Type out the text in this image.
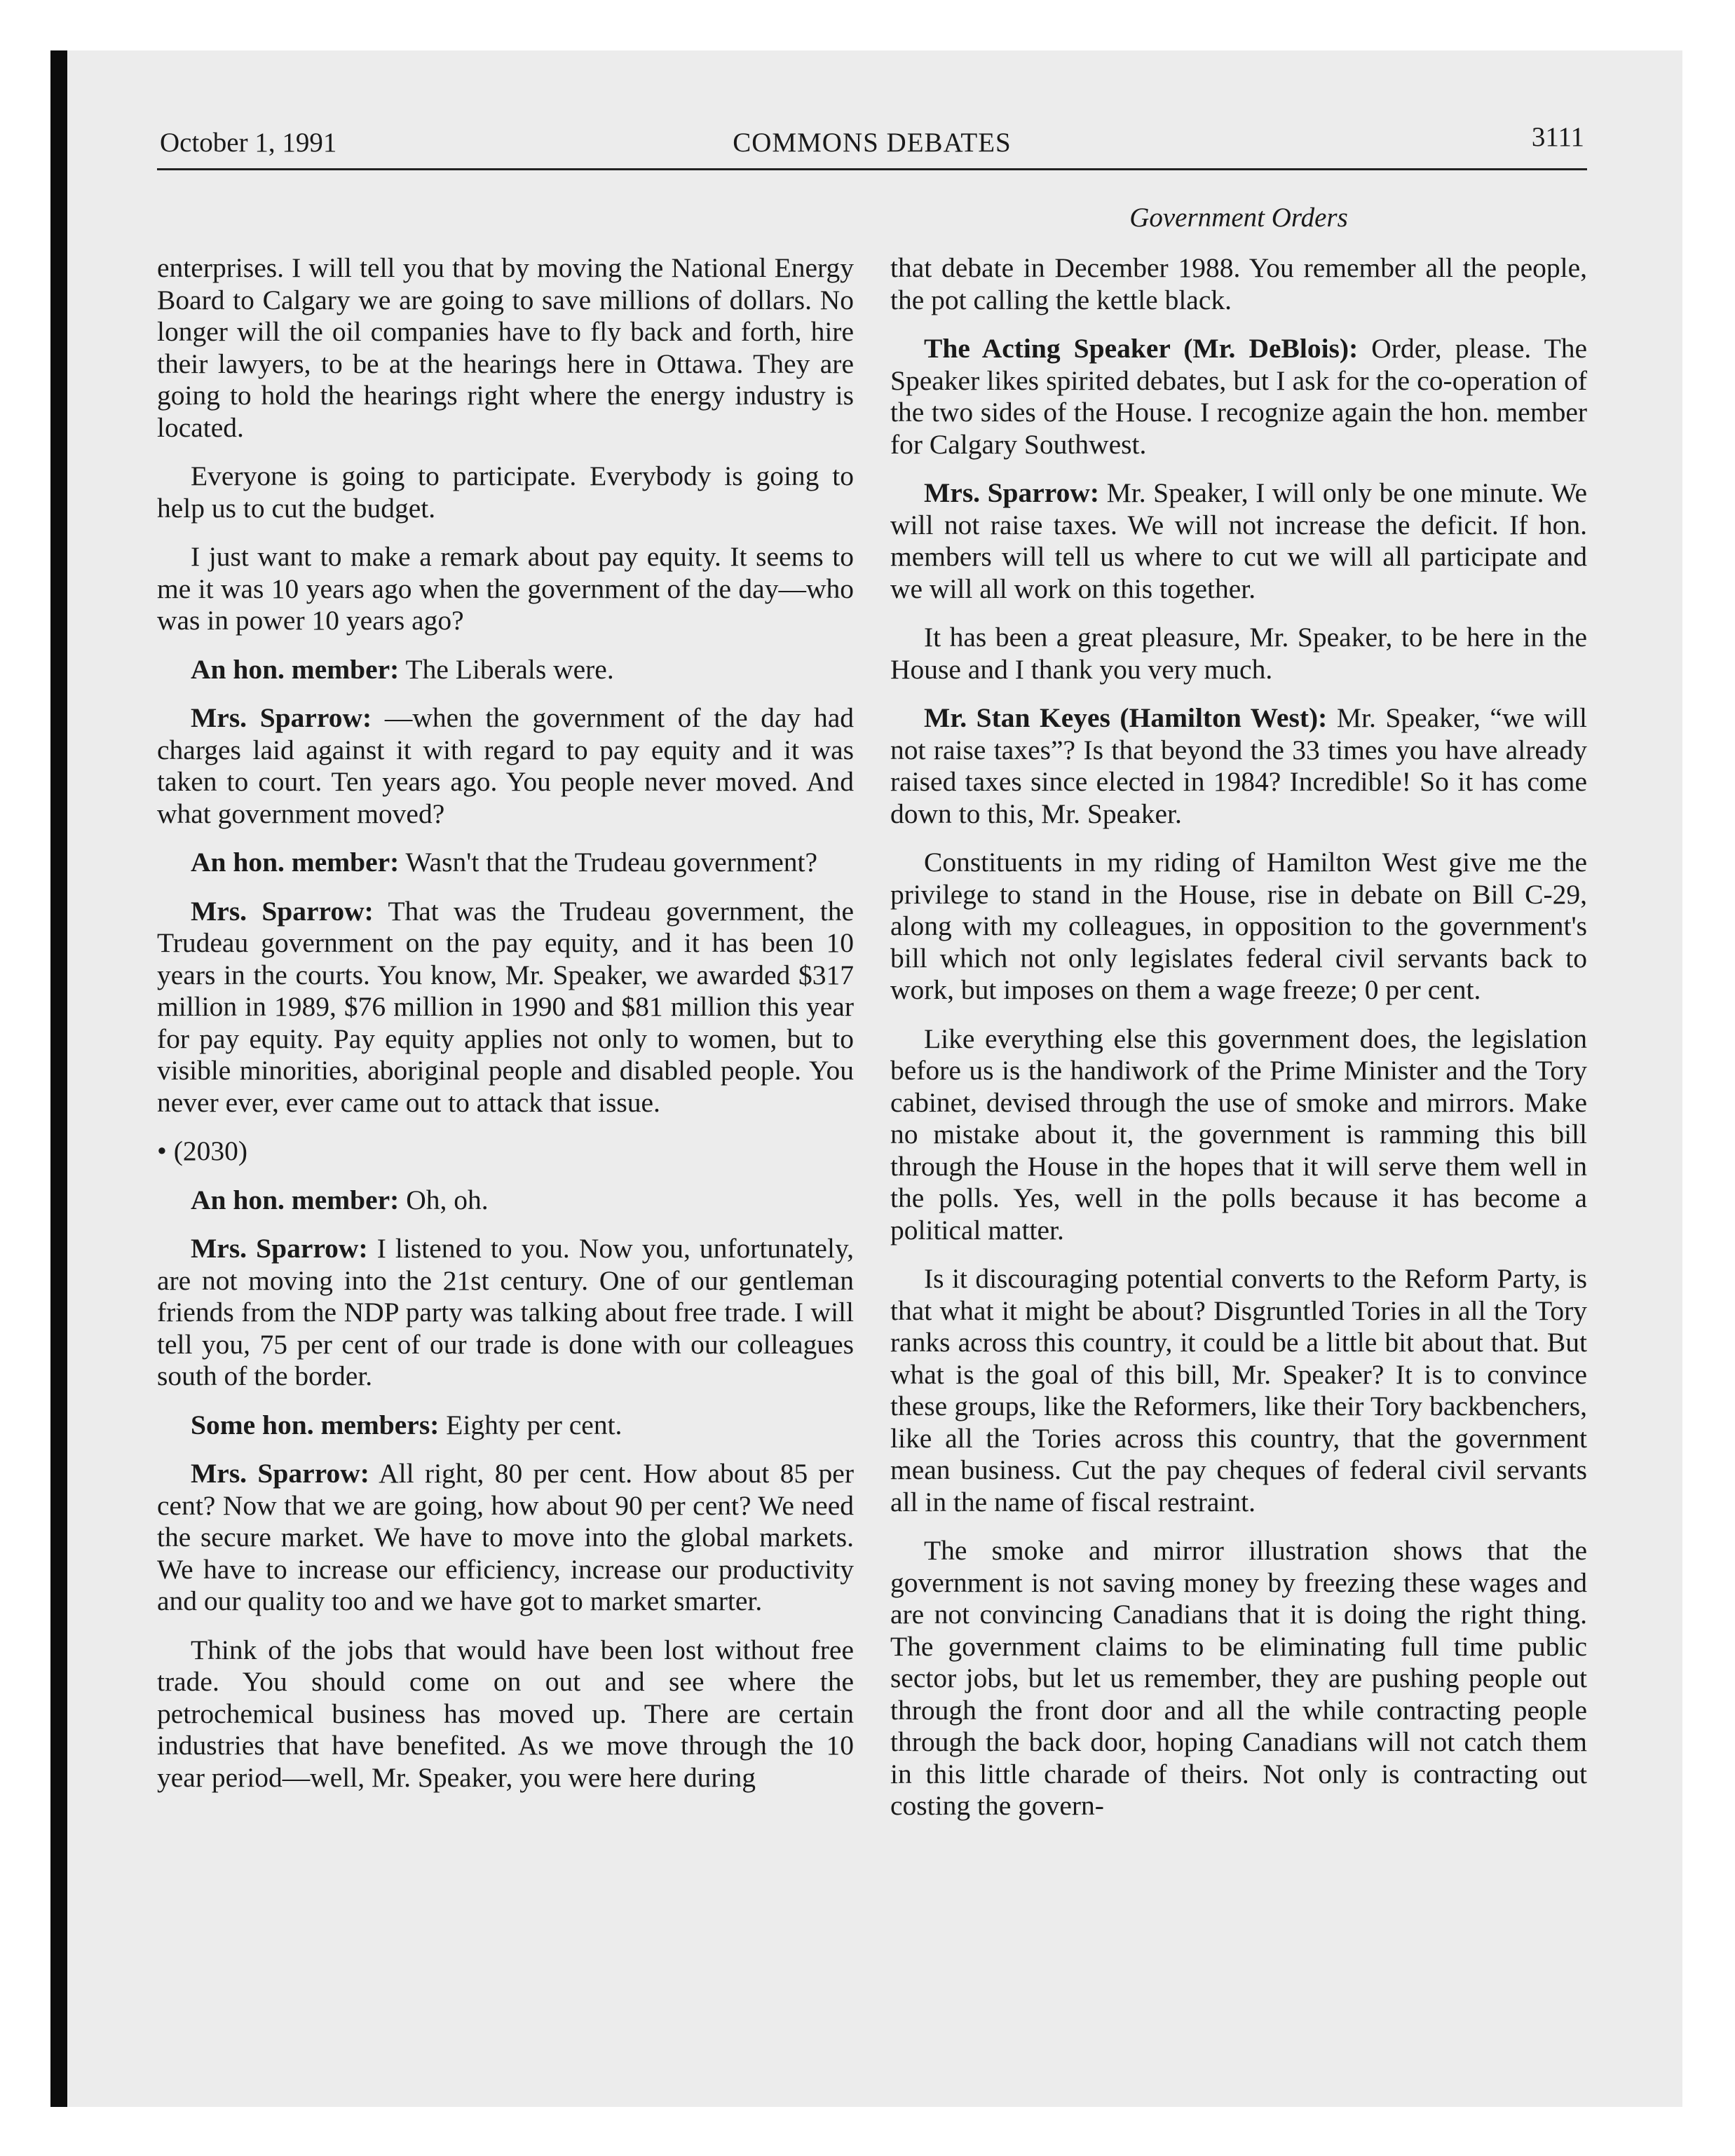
October 1, 1991	COMMONS DEBATES	3111
Government Orders

enterprises. I will tell you that by moving the National Energy Board to Calgary we are going to save millions of dollars. No longer will the oil companies have to fly back and forth, hire their lawyers, to be at the hearings here in Ottawa. They are going to hold the hearings right where the energy industry is located.

Everyone is going to participate. Everybody is going to help us to cut the budget.

I just want to make a remark about pay equity. It seems to me it was 10 years ago when the government of the day—who was in power 10 years ago?

An hon. member: The Liberals were.

Mrs. Sparrow: —when the government of the day had charges laid against it with regard to pay equity and it was taken to court. Ten years ago. You people never moved. And what government moved?

An hon. member: Wasn't that the Trudeau government?

Mrs. Sparrow: That was the Trudeau government, the Trudeau government on the pay equity, and it has been 10 years in the courts. You know, Mr. Speaker, we awarded $317 million in 1989, $76 million in 1990 and $81 million this year for pay equity. Pay equity applies not only to women, but to visible minorities, aboriginal people and disabled people. You never ever, ever came out to attack that issue.

• (2030)

An hon. member: Oh, oh.

Mrs. Sparrow: I listened to you. Now you, unfortunately, are not moving into the 21st century. One of our gentleman friends from the NDP party was talking about free trade. I will tell you, 75 per cent of our trade is done with our colleagues south of the border.

Some hon. members: Eighty per cent.

Mrs. Sparrow: All right, 80 per cent. How about 85 per cent? Now that we are going, how about 90 per cent? We need the secure market. We have to move into the global markets. We have to increase our efficiency, increase our productivity and our quality too and we have got to market smarter.

Think of the jobs that would have been lost without free trade. You should come on out and see where the petrochemical business has moved up. There are certain industries that have benefited. As we move through the 10 year period—well, Mr. Speaker, you were here during

that debate in December 1988. You remember all the people, the pot calling the kettle black.

The Acting Speaker (Mr. DeBlois): Order, please. The Speaker likes spirited debates, but I ask for the co-operation of the two sides of the House. I recognize again the hon. member for Calgary Southwest.

Mrs. Sparrow: Mr. Speaker, I will only be one minute. We will not raise taxes. We will not increase the deficit. If hon. members will tell us where to cut we will all participate and we will all work on this together.

It has been a great pleasure, Mr. Speaker, to be here in the House and I thank you very much.

Mr. Stan Keyes (Hamilton West): Mr. Speaker, “we will not raise taxes”? Is that beyond the 33 times you have already raised taxes since elected in 1984? Incredible! So it has come down to this, Mr. Speaker.

Constituents in my riding of Hamilton West give me the privilege to stand in the House, rise in debate on Bill C-29, along with my colleagues, in opposition to the government's bill which not only legislates federal civil servants back to work, but imposes on them a wage freeze; 0 per cent.

Like everything else this government does, the legislation before us is the handiwork of the Prime Minister and the Tory cabinet, devised through the use of smoke and mirrors. Make no mistake about it, the government is ramming this bill through the House in the hopes that it will serve them well in the polls. Yes, well in the polls because it has become a political matter.

Is it discouraging potential converts to the Reform Party, is that what it might be about? Disgruntled Tories in all the Tory ranks across this country, it could be a little bit about that. But what is the goal of this bill, Mr. Speaker? It is to convince these groups, like the Reformers, like their Tory backbenchers, like all the Tories across this country, that the government mean business. Cut the pay cheques of federal civil servants all in the name of fiscal restraint.

The smoke and mirror illustration shows that the government is not saving money by freezing these wages and are not convincing Canadians that it is doing the right thing. The government claims to be eliminating full time public sector jobs, but let us remember, they are pushing people out through the front door and all the while contracting people through the back door, hoping Canadians will not catch them in this little charade of theirs. Not only is contracting out costing the govern-
